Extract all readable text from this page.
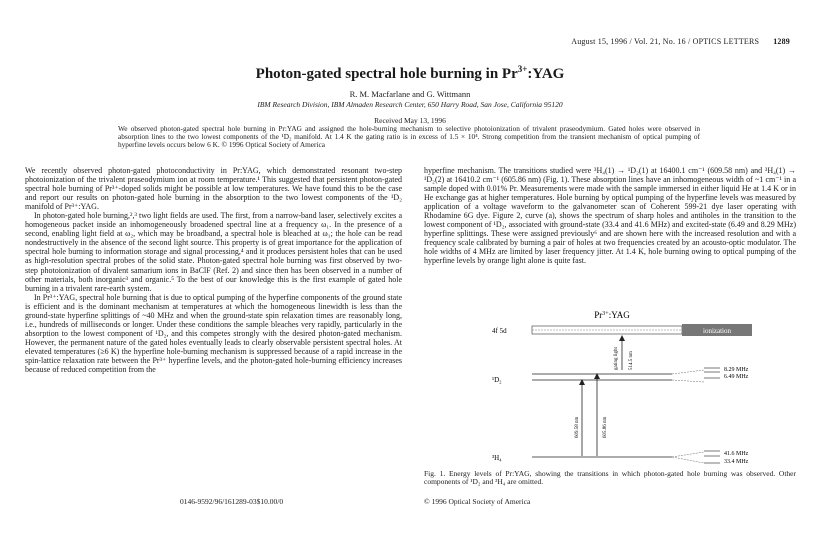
August 15, 1996 / Vol. 21, No. 16 / OPTICS LETTERS 1289
Photon-gated spectral hole burning in $Pr^{3+}:YAG$
R. M. Macfarlane and G. Wittmann
IBM Research Division, IBM Almaden Research Center, 650 Harry Road, San Jose, California 95120
Received May 13, 1996
We observed photon-gated spectral hole burning in Pr:YAG and assigned the hole-burning mechanism to selective photoionization of trivalent praseodymium. Gated holes were observed in absorption lines to the two lowest components of the ¹D₂ manifold. At 1.4 K the gating ratio is in excess of 1.5 × 10⁴. Strong competition from the transient mechanism of optical pumping of hyperfine levels occurs below 6 K. © 1996 Optical Society of America

We recently observed photon-gated photoconductivity in Pr:YAG, which demonstrated resonant two-step photoionization of the trivalent praseodymium ion at room temperature.¹ This suggested that persistent photon-gated spectral hole burning of Pr³⁺-doped solids might be possible at low temperatures. We have found this to be the case and report our results on photon-gated hole burning in the absorption to the two lowest components of the ¹D₂ manifold of Pr³⁺:YAG.

In photon-gated hole burning,²,³ two light fields are used. The first, from a narrow-band laser, selectively excites a homogeneous packet inside an inhomogeneously broadened spectral line at a frequency ω₁. In the presence of a second, enabling light field at ω₂, which may be broadband, a spectral hole is bleached at ω₁; the hole can be read nondestructively in the absence of the second light source. This property is of great importance for the application of spectral hole burning to information storage and signal processing,⁴ and it produces persistent holes that can be used as high-resolution spectral probes of the solid state. Photon-gated spectral hole burning was first observed by two-step photoionization of divalent samarium ions in BaClF (Ref. 2) and since then has been observed in a number of other materials, both inorganic³ and organic.⁵ To the best of our knowledge this is the first example of gated hole burning in a trivalent rare-earth system.

In Pr³⁺:YAG, spectral hole burning that is due to optical pumping of the hyperfine components of the ground state is efficient and is the dominant mechanism at temperatures at which the homogeneous linewidth is less than the ground-state hyperfine splittings of ~40 MHz and when the ground-state spin relaxation times are reasonably long, i.e., hundreds of milliseconds or longer. Under these conditions the sample bleaches very rapidly, particularly in the absorption to the lowest component of ¹D₂, and this competes strongly with the desired photon-gated mechanism. However, the permanent nature of the gated holes eventually leads to clearly observable persistent spectral holes. At elevated temperatures (≥6 K) the hyperfine hole-burning mechanism is suppressed because of a rapid increase in the spin-lattice relaxation rate between the Pr³⁺ hyperfine levels, and the photon-gated hole-burning efficiency increases because of reduced competition from the

hyperfine mechanism. The transitions studied were ³H₄(1) → ¹D₂(1) at 16400.1 cm⁻¹ (609.58 nm) and ³H₄(1) → ¹D₂(2) at 16410.2 cm⁻¹ (605.86 nm) (Fig. 1). These absorption lines have an inhomogeneous width of ~1 cm⁻¹ in a sample doped with 0.01% Pr. Measurements were made with the sample immersed in either liquid He at 1.4 K or in He exchange gas at higher temperatures. Hole burning by optical pumping of the hyperfine levels was measured by application of a voltage waveform to the galvanometer scan of Coherent 599-21 dye laser operating with Rhodamine 6G dye. Figure 2, curve (a), shows the spectrum of sharp holes and antiholes in the transition to the lowest component of ¹D₂, associated with ground-state (33.4 and 41.6 MHz) and excited-state (6.49 and 8.29 MHz) hyperfine splittings. These were assigned previously⁶ and are shown here with the increased resolution and with a frequency scale calibrated by burning a pair of holes at two frequencies created by an acousto-optic modulator. The hole widths of 4 MHz are limited by laser frequency jitter. At 1.4 K, hole burning owing to optical pumping of the hyperfine levels by orange light alone is quite fast.

$Pr^{3+}:YAG$
ionization
4f 5d
gating light 514.5 nm
¹D₂
8.29 MHz
6.49 MHz
609.58 nm	605.86 nm
³H₄	41.6 MHz
33.4 MHz
Fig. 1. Energy levels of Pr:YAG, showing the transitions in which photon-gated hole burning was observed. Other components of ¹D₂ and ³H₄ are omitted.
0146-9592/96/161289-03$10.00/0	© 1996 Optical Society of America
